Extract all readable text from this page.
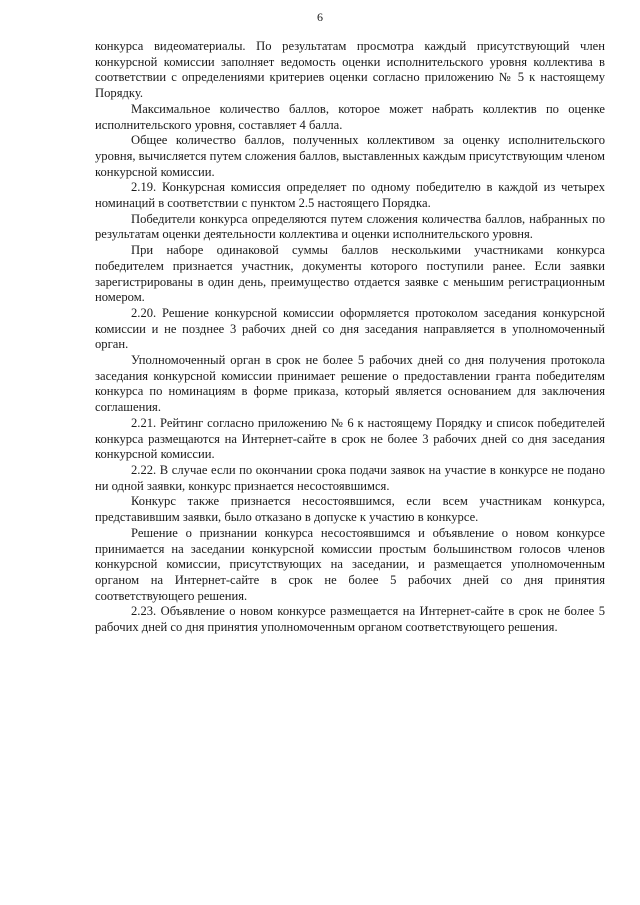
6

конкурса видеоматериалы. По результатам просмотра каждый присутствующий член конкурсной комиссии заполняет ведомость оценки исполнительского уровня коллектива в соответствии с определениями критериев оценки согласно приложению № 5 к настоящему Порядку.

Максимальное количество баллов, которое может набрать коллектив по оценке исполнительского уровня, составляет 4 балла.

Общее количество баллов, полученных коллективом за оценку исполнительского уровня, вычисляется путем сложения баллов, выставленных каждым присутствующим членом конкурсной комиссии.

2.19. Конкурсная комиссия определяет по одному победителю в каждой из четырех номинаций в соответствии с пунктом 2.5 настоящего Порядка.

Победители конкурса определяются путем сложения количества баллов, набранных по результатам оценки деятельности коллектива и оценки исполнительского уровня.

При наборе одинаковой суммы баллов несколькими участниками конкурса победителем признается участник, документы которого поступили ранее. Если заявки зарегистрированы в один день, преимущество отдается заявке с меньшим регистрационным номером.

2.20. Решение конкурсной комиссии оформляется протоколом заседания конкурсной комиссии и не позднее 3 рабочих дней со дня заседания направляется в уполномоченный орган.

Уполномоченный орган в срок не более 5 рабочих дней со дня получения протокола заседания конкурсной комиссии принимает решение о предоставлении гранта победителям конкурса по номинациям в форме приказа, который является основанием для заключения соглашения.

2.21. Рейтинг согласно приложению № 6 к настоящему Порядку и список победителей конкурса размещаются на Интернет-сайте в срок не более 3 рабочих дней со дня заседания конкурсной комиссии.

2.22. В случае если по окончании срока подачи заявок на участие в конкурсе не подано ни одной заявки, конкурс признается несостоявшимся.

Конкурс также признается несостоявшимся, если всем участникам конкурса, представившим заявки, было отказано в допуске к участию в конкурсе.

Решение о признании конкурса несостоявшимся и объявление о новом конкурсе принимается на заседании конкурсной комиссии простым большинством голосов членов конкурсной комиссии, присутствующих на заседании, и размещается уполномоченным органом на Интернет-сайте в срок не более 5 рабочих дней со дня принятия соответствующего решения.

2.23. Объявление о новом конкурсе размещается на Интернет-сайте в срок не более 5 рабочих дней со дня принятия уполномоченным органом соответствующего решения.
